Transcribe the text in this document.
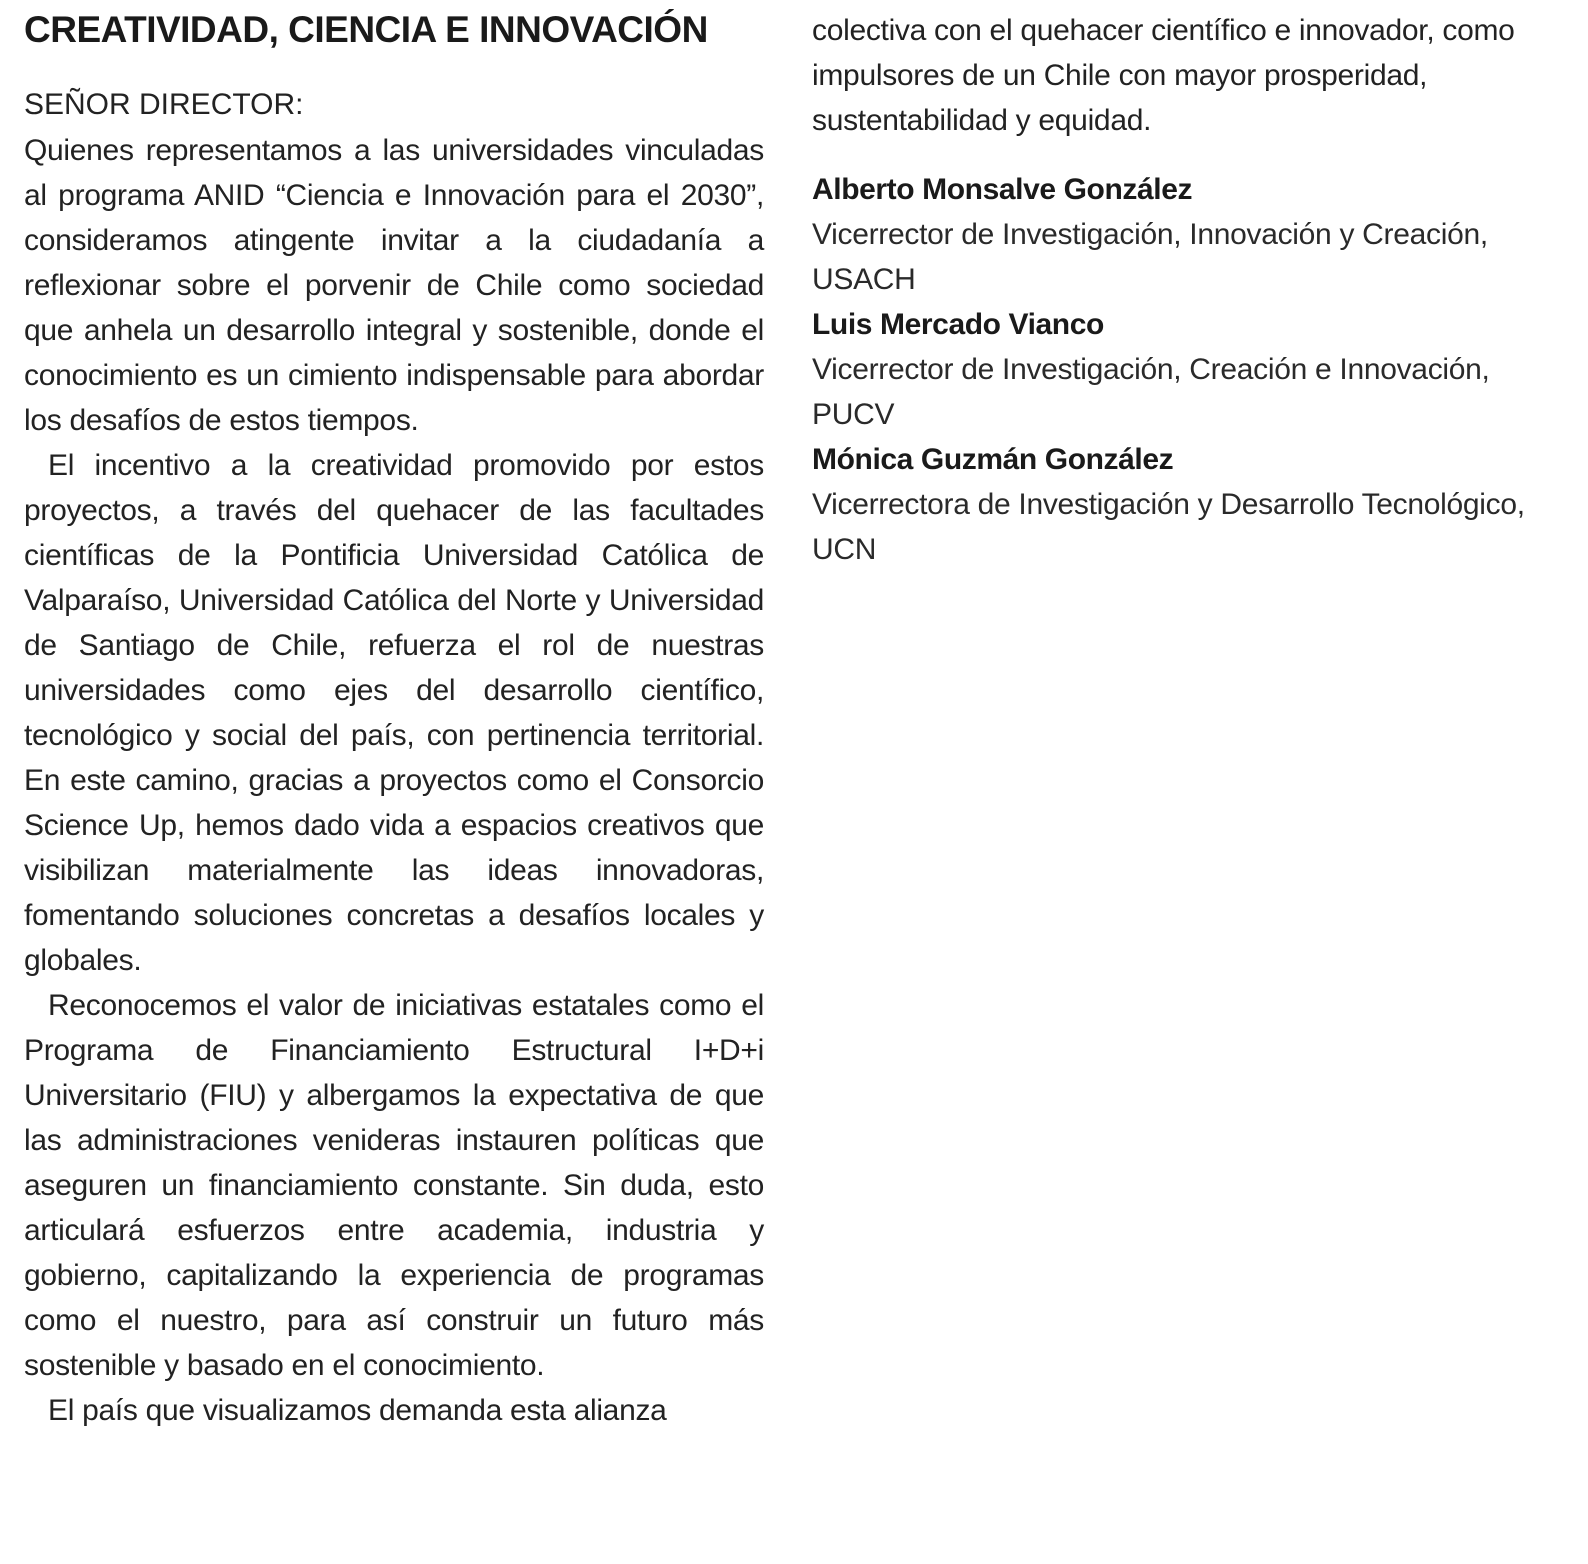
CREATIVIDAD, CIENCIA E INNOVACIÓN
SEÑOR DIRECTOR:

Quienes representamos a las universidades vinculadas al programa ANID “Ciencia e Innovación para el 2030”, consideramos atingente invitar a la ciudadanía a reflexionar sobre el porvenir de Chile como sociedad que anhela un desarrollo integral y sostenible, donde el conocimiento es un cimiento indispensable para abordar los desafíos de estos tiempos.

El incentivo a la creatividad promovido por estos proyectos, a través del quehacer de las facultades científicas de la Pontificia Universidad Católica de Valparaíso, Universidad Católica del Norte y Universidad de Santiago de Chile, refuerza el rol de nuestras universidades como ejes del desarrollo científico, tecnológico y social del país, con pertinencia territorial. En este camino, gracias a proyectos como el Consorcio Science Up, hemos dado vida a espacios creativos que visibilizan materialmente las ideas innovadoras, fomentando soluciones concretas a desafíos locales y globales.

Reconocemos el valor de iniciativas estatales como el Programa de Financiamiento Estructural I+D+i Universitario (FIU) y albergamos la expectativa de que las administraciones venideras instauren políticas que aseguren un financiamiento constante. Sin duda, esto articulará esfuerzos entre academia, industria y gobierno, capitalizando la experiencia de programas como el nuestro, para así construir un futuro más sostenible y basado en el conocimiento.

El país que visualizamos demanda esta alianza

colectiva con el quehacer científico e innovador, como impulsores de un Chile con mayor prosperidad, sustentabilidad y equidad.

Alberto Monsalve González
Vicerrector de Investigación, Innovación y Creación, USACH
Luis Mercado Vianco
Vicerrector de Investigación, Creación e Innovación, PUCV
Mónica Guzmán González
Vicerrectora de Investigación y Desarrollo Tecnológico,
UCN
